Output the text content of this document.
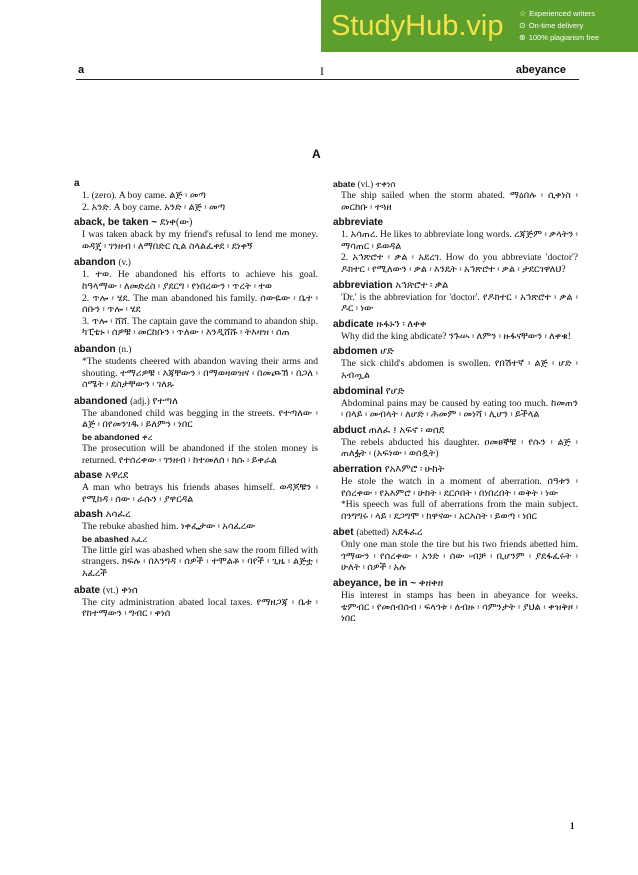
StudyHub.vip	☆ Experienced writers
⊙ On-time delivery
⊛ 100% plagiarism free
a	I	abeyance
A
a
1. (zero). A boy came. ልጅ ፡ መጣ
2. አንድ. A boy came. አንድ ፡ ልጅ ፡ መጣ
aback, be taken ~ ደነቀ(ው)
I was taken aback by my friend's refusal to lend me money. ወዳጄ ፡ ገንዘብ ፡ ለማበድር ሲል ስላልፈቀደ ፡ ደነቀኝ
abandon (v.)
1. ተወ. He abandoned his efforts to achieve his goal. ከዓላማው ፡ ለመድረስ ፡ ያደርግ ፡ የነበረውን ፡ ጥረት ፡ ተወ
2. ጥሎ ፡ ሄደ. The man abandoned his family. ሰውዬው ፡ ቤተ ፡ ሰቡን ፡ ጥሎ ፡ ሄደ
3. ጥሎ ፡ ሸሸ. The captain gave the command to abandon ship. ካፒቴኑ ፡ ሰዎቹ ፡ መርከቡን ፡ ጥለው ፡ እንዲሸሹ ፡ ትእዛዝ ፡ ሰጠ
abandon (n.)
*The students cheered with abandon waving their arms and shouting. ተማሪዎቹ ፡ እጃቸውን ፡ በማወዛወዝና ፡ በመጮኽ ፡ በጋለ ፡ ስሜት ፡ ደስታቸውን ፡ ገለጹ
abandoned (adj.) የተጣለ
The abandoned child was begging in the streets. የተጣለው ፡ ልጅ ፡ በየመንገዱ ፡ ይለምን ፡ ነበር
be abandoned ቀረ
The prosecution will be abandoned if the stolen money is returned. የተሰረቀው ፡ ገንዘብ ፡ ከተመለሰ ፡ ክሱ ፡ ይቀራል
abase አዋረደ
A man who betrays his friends abases himself. ወዳጆቹን ፡ የሚከዳ ፡ ሰው ፡ ራሱን ፡ ያዋርዳል
abash አሳፈረ
The rebuke abashed him. ነቀፌታው ፡ አሳፈረው
be abashed አፈረ
The little girl was abashed when she saw the room filled with strangers. ክፍሉ ፡ በእንግዳ ፡ ሰዎች ፡ ተሞልቶ ፡ ባየች ፡ ጊዜ ፡ ልጅቷ ፡ አፈረች
abate (vt.) ቀነሰ
The city administration abated local taxes. የማዘጋጃ ፡ ቤቱ ፡ የከተማውን ፡ ግብር ፡ ቀነሰ
abate (vi.) ተቀነሰ
The ship sailed when the storm abated. ማዕበሉ ፡ ሲቀነስ ፡ መርከቡ ፡ ተጓዘ
abbreviate
1. አሳጠረ. He likes to abbreviate long words. ረጃጅም ፡ ቃላትን ፡ ማሳጠር ፡ ይወዳል
2. አኅጽሮተ ፡ ቃል ፡ አደረገ. How do you abbreviate 'doctor'? ዶክተር ፡ የሚለውን ፡ ቃል ፡ እንዴት ፡ አኅጽሮተ ፡ ቃል ፡ ታደርገዋለህ?
abbreviation አኅጽሮተ ፡ ቃል
'Dr.' is the abbreviation for 'doctor'. የዶክተር ፡ አኅጽሮተ ፡ ቃል ፡ ዶር ፡ ነው
abdicate ዙፋኑን ፡ ለቀቀ
Why did the king abdicate? ንጉሡ ፡ ለምን ፡ ዙፋናቸውን ፡ ለቀቁ!
abdomen ሆድ
The sick child's abdomen is swollen. የበሽተኛ ፡ ልጅ ፡ ሆድ ፡ አብጧል
abdominal የሆድ
Abdominal pains may be caused by eating too much. ከመጠን ፡ በላይ ፡ መብላት ፡ ለሆድ ፡ ሕመም ፡ መነሻ ፡ ሊሆን ፡ ይችላል
abduct ጠለፈ ፤ አፍኖ ፡ ወሰደ
The rebels abducted his daughter. ዐመፀኞቹ ፡ የሱን ፡ ልጅ ፡ ጠለፏት ፡ (አፍነው ፡ ወሰዷት)
aberration የአእምሮ ፡ ሁከት
He stole the watch in a moment of aberration. ሰዓቱን ፡ የሰረቀው ፡ የአእምሮ ፡ ሁከት ፡ ደርሶበት ፡ በነበረበት ፡ ወቅት ፡ ነው
*His speech was full of aberrations from the main subject. በንግግሩ ፡ ላይ ፡ ደጋግሞ ፡ ከዋናው ፡ አርእስት ፡ ይወጣ ፡ ነበር
abet (abetted) አደፋፈረ
Only one man stole the tire but his two friends abetted him. ጎማውን ፡ የሰረቀው ፡ አንድ ፡ ሰው ፡ብቻ ፡ ቢሆንም ፡ ያደፋፈሩት ፡ ሁለት ፡ ሰዎች ፡ አሉ
abeyance, be in ~ ቀዘቀዘ
His interest in stamps has been in abeyance for weeks. ቴምብር ፡ የመሰብሰብ ፡ ፍላጎቱ ፡ ለብዙ ፡ ሳምንታት ፡ ያህል ፡ ቀዝቅዞ ፡ ነበር
1
